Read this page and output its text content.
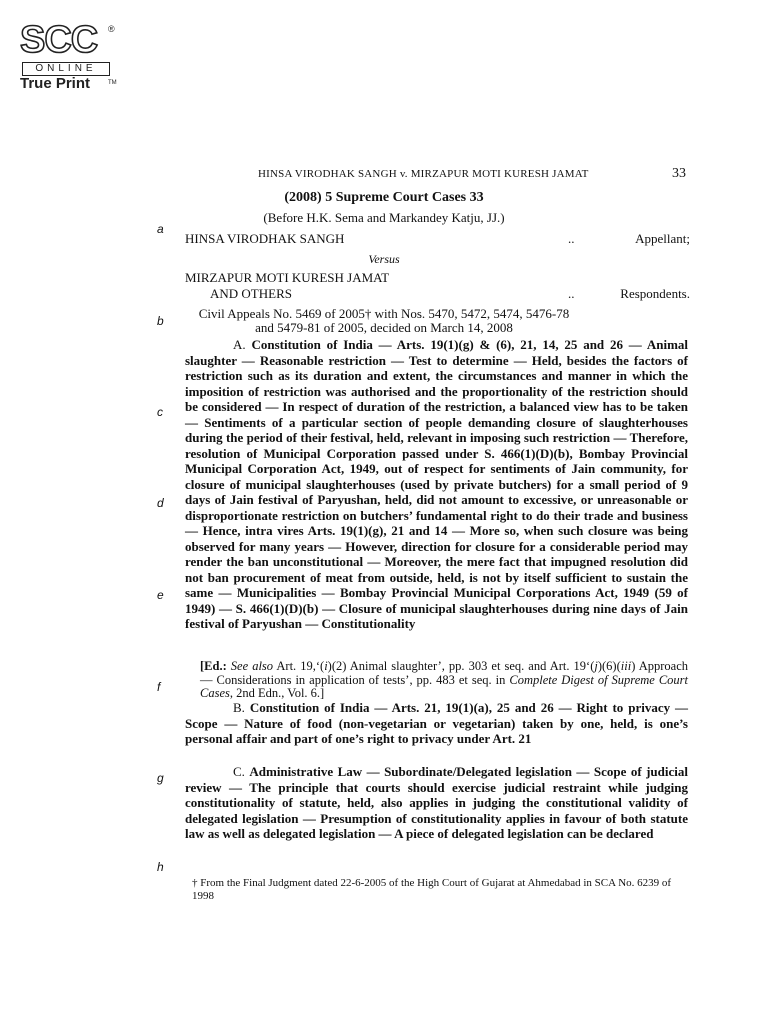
SCC ®
ONLINE
True Print	TM
HINSA VIRODHAK SANGH v. MIRZAPUR MOTI KURESH JAMAT	33
(2008) 5 Supreme Court Cases 33
(Before H.K. Sema and Markandey Katju, JJ.)
a
b
c
d
e
f
g
h
HINSA VIRODHAK SANGH	..	Appellant;
Versus
MIRZAPUR MOTI KURESH JAMAT
AND OTHERS	..	Respondents.
Civil Appeals No. 5469 of 2005† with Nos. 5470, 5472, 5474, 5476-78
and 5479-81 of 2005, decided on March 14, 2008
A. Constitution of India — Arts. 19(1)(g) & (6), 21, 14, 25 and 26 — Animal slaughter — Reasonable restriction — Test to determine — Held, besides the factors of restriction such as its duration and extent, the circumstances and manner in which the imposition of restriction was authorised and the proportionality of the restriction should be considered — In respect of duration of the restriction, a balanced view has to be taken — Sentiments of a particular section of people demanding closure of slaughterhouses during the period of their festival, held, relevant in imposing such restriction — Therefore, resolution of Municipal Corporation passed under S. 466(1)(D)(b), Bombay Provincial Municipal Corporation Act, 1949, out of respect for sentiments of Jain community, for closure of municipal slaughterhouses (used by private butchers) for a small period of 9 days of Jain festival of Paryushan, held, did not amount to excessive, or unreasonable or disproportionate restriction on butchers’ fundamental right to do their trade and business — Hence, intra vires Arts. 19(1)(g), 21 and 14 — More so, when such closure was being observed for many years — However, direction for closure for a considerable period may render the ban unconstitutional — Moreover, the mere fact that impugned resolution did not ban procurement of meat from outside, held, is not by itself sufficient to sustain the same — Municipalities — Bombay Provincial Municipal Corporations Act, 1949 (59 of 1949) — S. 466(1)(D)(b) — Closure of municipal slaughterhouses during nine days of Jain festival of Paryushan — Constitutionality
[Ed.: See also Art. 19,‘(i)(2) Animal slaughter’, pp. 303 et seq. and Art. 19‘(j)(6)(iii) Approach — Considerations in application of tests’, pp. 483 et seq. in Complete Digest of Supreme Court Cases, 2nd Edn., Vol. 6.]
B. Constitution of India — Arts. 21, 19(1)(a), 25 and 26 — Right to privacy — Scope — Nature of food (non-vegetarian or vegetarian) taken by one, held, is one’s personal affair and part of one’s right to privacy under Art. 21
C. Administrative Law — Subordinate/Delegated legislation — Scope of judicial review — The principle that courts should exercise judicial restraint while judging constitutionality of statute, held, also applies in judging the constitutional validity of delegated legislation — Presumption of constitutionality applies in favour of both statute law as well as delegated legislation — A piece of delegated legislation can be declared
† From the Final Judgment dated 22-6-2005 of the High Court of Gujarat at Ahmedabad in SCA No. 6239 of 1998
